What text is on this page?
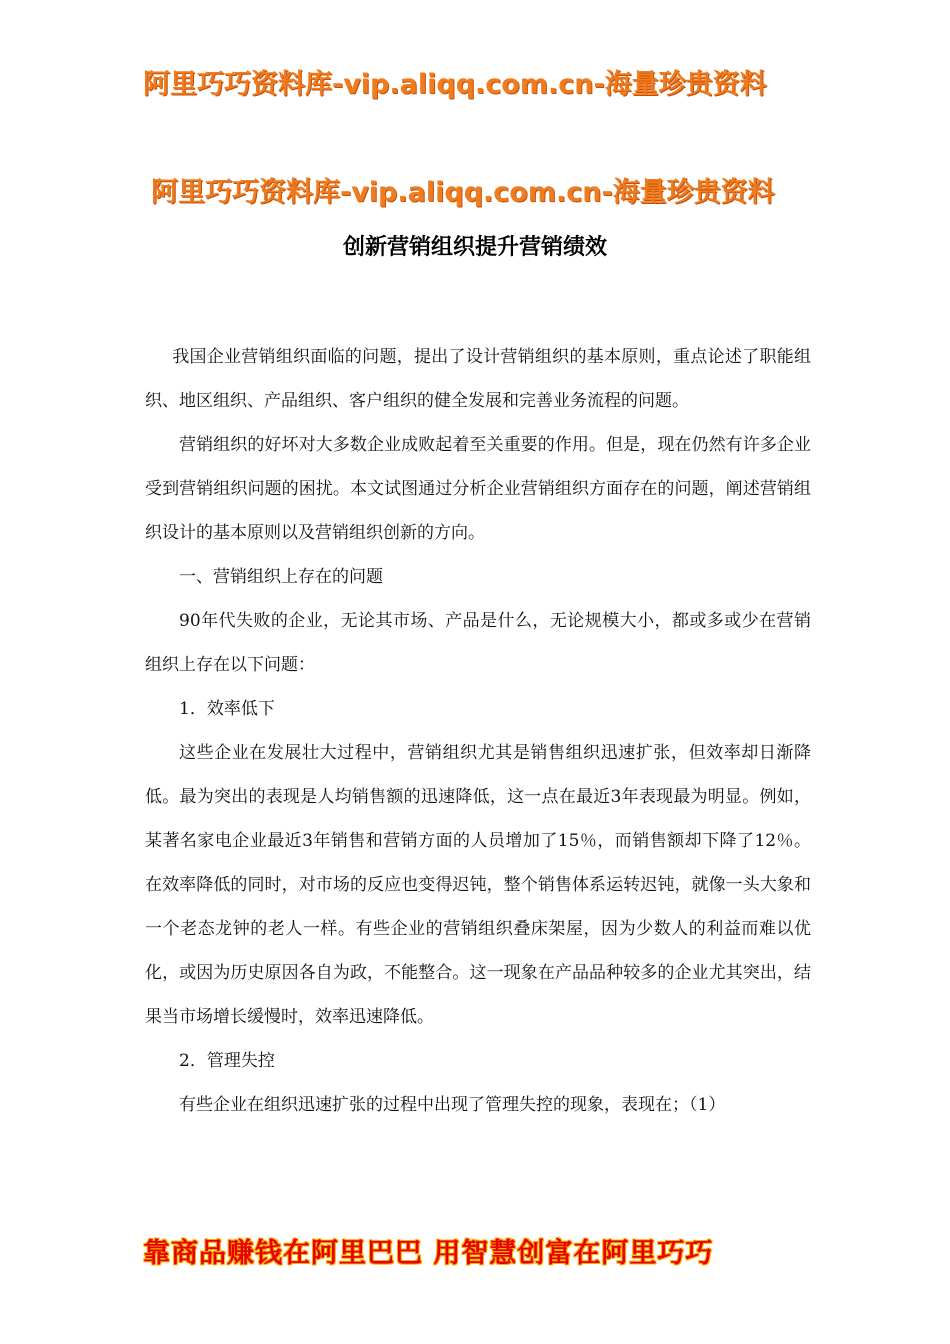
阿里巧巧资料库-vip.aliqq.com.cn-海量珍贵资料
阿里巧巧资料库-vip.aliqq.com.cn-海量珍贵资料
创新营销组织提升营销绩效

我国企业营销组织面临的问题，提出了设计营销组织的基本原则，重点论述了职能组织、地区组织、产品组织、客户组织的健全发展和完善业务流程的问题。

营销组织的好坏对大多数企业成败起着至关重要的作用。但是，现在仍然有许多企业受到营销组织问题的困扰。本文试图通过分析企业营销组织方面存在的问题，阐述营销组织设计的基本原则以及营销组织创新的方向。

一、营销组织上存在的问题

90年代失败的企业，无论其市场、产品是什么，无论规模大小，都或多或少在营销组织上存在以下问题：

1．效率低下

这些企业在发展壮大过程中，营销组织尤其是销售组织迅速扩张，但效率却日渐降低。最为突出的表现是人均销售额的迅速降低，这一点在最近3年表现最为明显。例如，某著名家电企业最近3年销售和营销方面的人员增加了15％，而销售额却下降了12％。在效率降低的同时，对市场的反应也变得迟钝，整个销售体系运转迟钝，就像一头大象和一个老态龙钟的老人一样。有些企业的营销组织叠床架屋，因为少数人的利益而难以优化，或因为历史原因各自为政，不能整合。这一现象在产品品种较多的企业尤其突出，结果当市场增长缓慢时，效率迅速降低。

2．管理失控

有些企业在组织迅速扩张的过程中出现了管理失控的现象，表现在；（1）

靠商品赚钱在阿里巴巴 用智慧创富在阿里巧巧
